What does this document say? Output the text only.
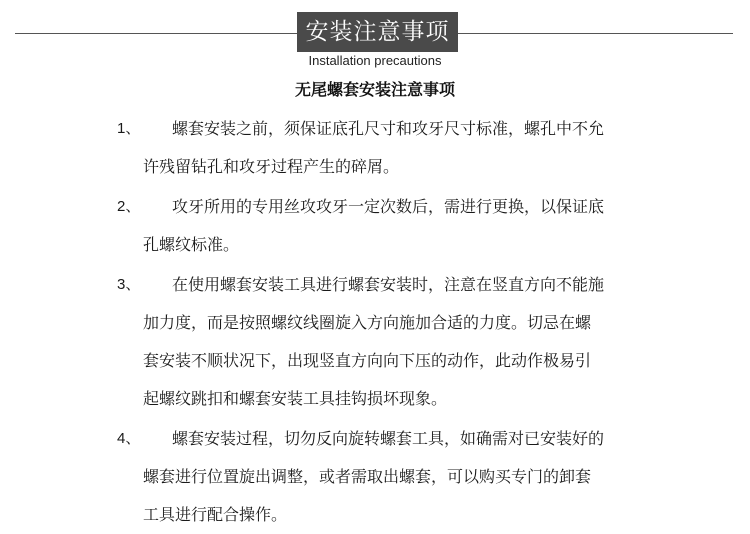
安装注意事项
Installation precautions
无尾螺套安装注意事项
1、 螺套安装之前，须保证底孔尺寸和攻牙尺寸标准，螺孔中不允
许残留钻孔和攻牙过程产生的碎屑。
2、 攻牙所用的专用丝攻攻牙一定次数后，需进行更换，以保证底
孔螺纹标准。
3、 在使用螺套安装工具进行螺套安装时，注意在竖直方向不能施
加力度，而是按照螺纹线圈旋入方向施加合适的力度。切忌在螺
套安装不顺状况下，出现竖直方向向下压的动作，此动作极易引
起螺纹跳扣和螺套安装工具挂钩损坏现象。
4、 螺套安装过程，切勿反向旋转螺套工具，如确需对已安装好的
螺套进行位置旋出调整，或者需取出螺套，可以购买专门的卸套
工具进行配合操作。
